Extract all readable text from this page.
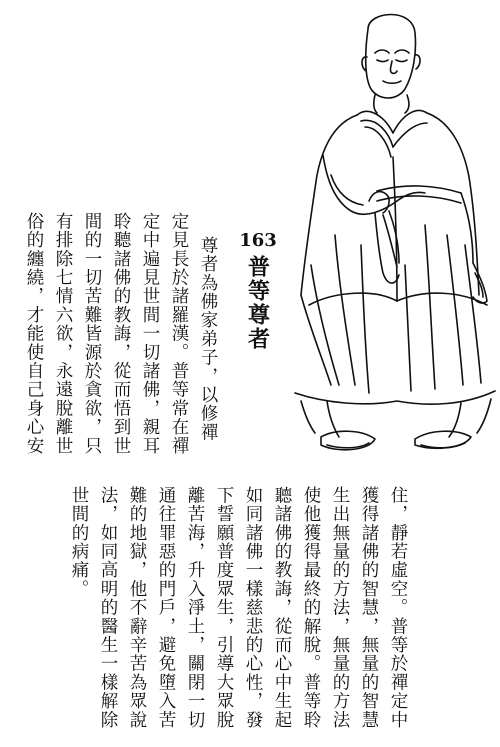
163
普等尊者
尊者為佛家弟子，以修禪
定見長於諸羅漢。普等常在禪
定中遍見世間一切諸佛，親耳
聆聽諸佛的教誨，從而悟到世
間的一切苦難皆源於貪欲，只
有排除七情六欲，永遠脫離世
俗的纏繞，才能使自己身心安
住，靜若虛空。普等於禪定中
獲得諸佛的智慧，無量的智慧
生出無量的方法，無量的方法
使他獲得最終的解脫。普等聆
聽諸佛的教誨，從而心中生起
如同諸佛一樣慈悲的心性，發
下誓願普度眾生，引導大眾脫
離苦海，升入淨土，關閉一切
通往罪惡的門戶，避免墮入苦
難的地獄，他不辭辛苦為眾說
法，如同高明的醫生一樣解除
世間的病痛。
